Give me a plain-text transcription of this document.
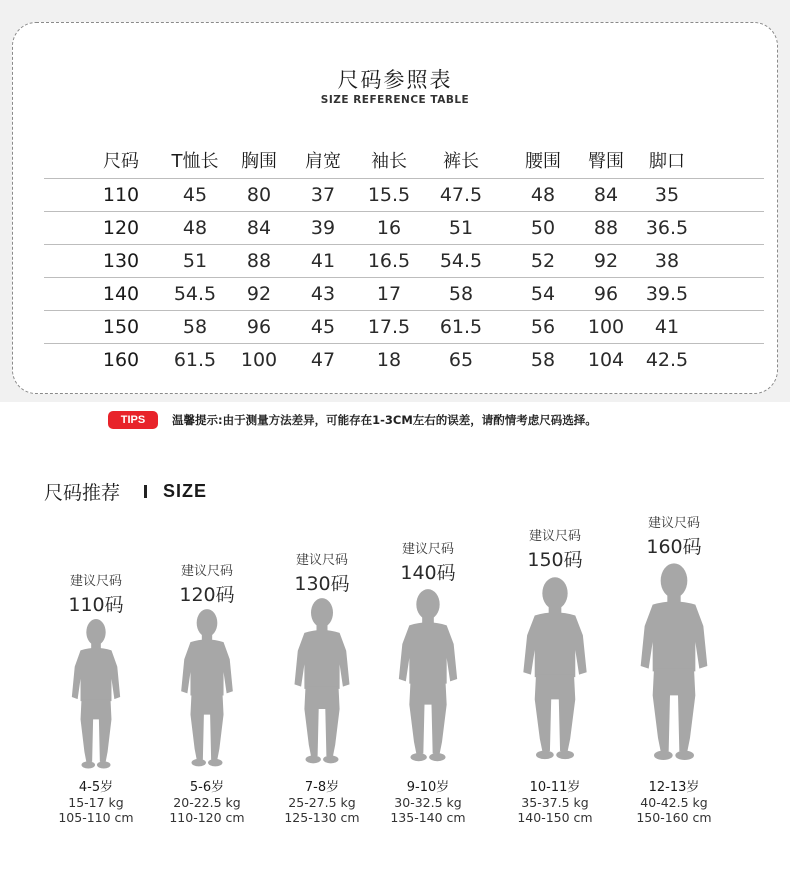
尺码参照表
SIZE REFERENCE TABLE
尺码	T恤长	胸围	肩宽	袖长	裤长	腰围	臀围	脚口
110	45	80	37	15.5	47.5	48	84	35
120	48	84	39	16	51	50	88	36.5
130	51	88	41	16.5	54.5	52	92	38
140	54.5	92	43	17	58	54	96	39.5
150	58	96	45	17.5	61.5	56	100	41
160	61.5	100	47	18	65	58	104	42.5
TIPS	温馨提示:由于测量方法差异，可能存在1-3CM左右的误差，请酌情考虑尺码选择。
尺码推荐 SIZE
建议尺码
110码
4-5岁
15-17 kg
105-110 cm
建议尺码
120码
5-6岁
20-22.5 kg
110-120 cm
建议尺码
130码
7-8岁
25-27.5 kg
125-130 cm
建议尺码
140码
9-10岁
30-32.5 kg
135-140 cm
建议尺码
150码
10-11岁
35-37.5 kg
140-150 cm
建议尺码
160码
12-13岁
40-42.5 kg
150-160 cm
